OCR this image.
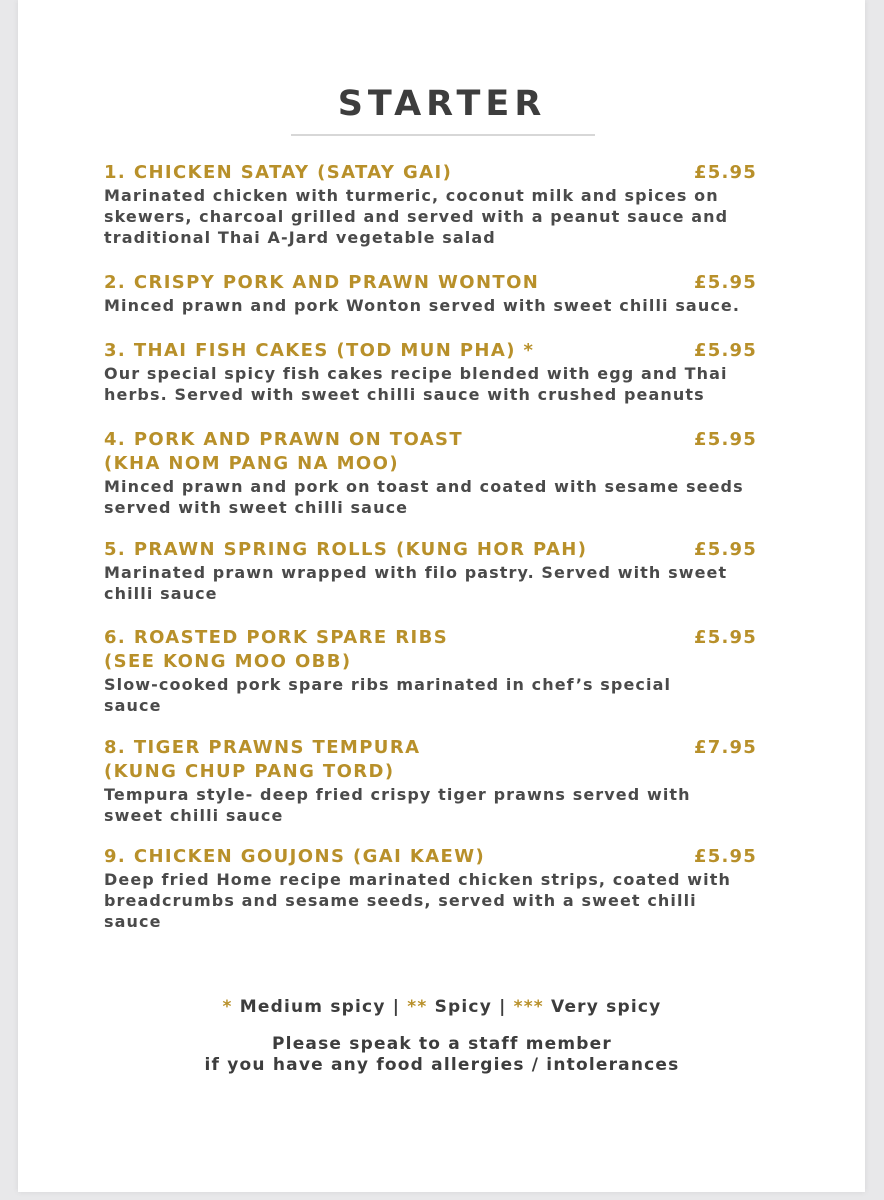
STARTER
1. CHICKEN SATAY (SATAY GAI)	£5.95
Marinated chicken with turmeric, coconut milk and spices on
skewers, charcoal grilled and served with a peanut sauce and
traditional Thai A-Jard vegetable salad
2. CRISPY PORK AND PRAWN WONTON	£5.95
Minced prawn and pork Wonton served with sweet chilli sauce.
3. THAI FISH CAKES (TOD MUN PHA) *	£5.95
Our special spicy fish cakes recipe blended with egg and Thai
herbs. Served with sweet chilli sauce with crushed peanuts
4. PORK AND PRAWN ON TOAST
(KHA NOM PANG NA MOO)
£5.95
Minced prawn and pork on toast and coated with sesame seeds
served with sweet chilli sauce
5. PRAWN SPRING ROLLS (KUNG HOR PAH)	£5.95
Marinated prawn wrapped with filo pastry. Served with sweet
chilli sauce
6. ROASTED PORK SPARE RIBS
(SEE KONG MOO OBB)
£5.95
Slow-cooked pork spare ribs marinated in chef’s special
sauce
8. TIGER PRAWNS TEMPURA
(KUNG CHUP PANG TORD)
£7.95
Tempura style- deep fried crispy tiger prawns served with
sweet chilli sauce
9. CHICKEN GOUJONS (GAI KAEW)	£5.95
Deep fried Home recipe marinated chicken strips, coated with
breadcrumbs and sesame seeds, served with a sweet chilli
sauce
* Medium spicy | ** Spicy | *** Very spicy
Please speak to a staff member
if you have any food allergies / intolerances
